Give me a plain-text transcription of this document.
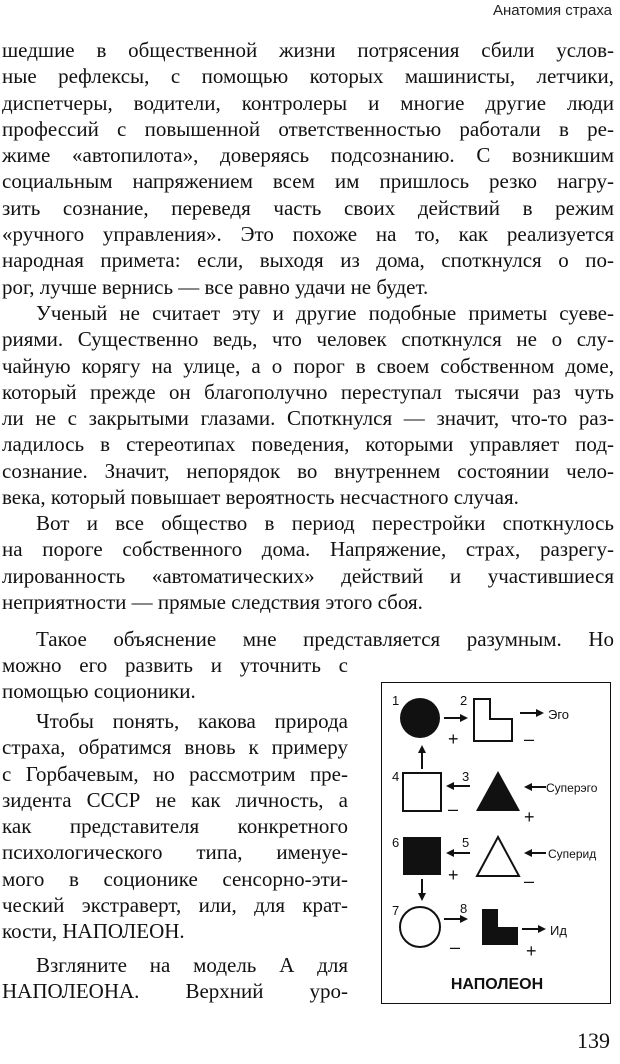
Анатомия страха

шедшие в общественной жизни потрясения сбили услов-
ные рефлексы, с помощью которых машинисты, летчики,
диспетчеры, водители, контролеры и многие другие люди
профессий с повышенной ответственностью работали в ре-
жиме «автопилота», доверяясь подсознанию. С возникшим
социальным напряжением всем им пришлось резко нагру-
зить сознание, переведя часть своих действий в режим
«ручного управления». Это похоже на то, как реализуется
народная примета: если, выходя из дома, споткнулся о по-
рог, лучше вернись — все равно удачи не будет.

Ученый не считает эту и другие подобные приметы суеве-
риями. Существенно ведь, что человек споткнулся не о слу-
чайную корягу на улице, а о порог в своем собственном доме,
который прежде он благополучно переступал тысячи раз чуть
ли не с закрытыми глазами. Споткнулся — значит, что-то раз-
ладилось в стереотипах поведения, которыми управляет под-
сознание. Значит, непорядок во внутреннем состоянии чело-
века, который повышает вероятность несчастного случая.

Вот и все общество в период перестройки споткнулось
на пороге собственного дома. Напряжение, страх, разрегу-
лированность «автоматических» действий и участившиеся
неприятности — прямые следствия этого сбоя.

Такое объяснение мне представляется разумным. Но

можно его развить и уточнить с
помощью соционики.

Чтобы понять, какова природа
страха, обратимся вновь к примеру
с Горбачевым, но рассмотрим пре-
зидента СССР не как личность, а
как представителя конкретного
психологического типа, именуе-
мого в соционике сенсорно-эти-
ческий экстраверт, или, для крат-
кости, НАПОЛЕОН.

Взгляните на модель А для
НАПОЛЕОНА. Верхний уро-

1
+
2
Эго
–
4	3
–
Суперэго
+
6	5
+
Суперид
–
7	8
–
Ид
+
НАПОЛЕОН
139
